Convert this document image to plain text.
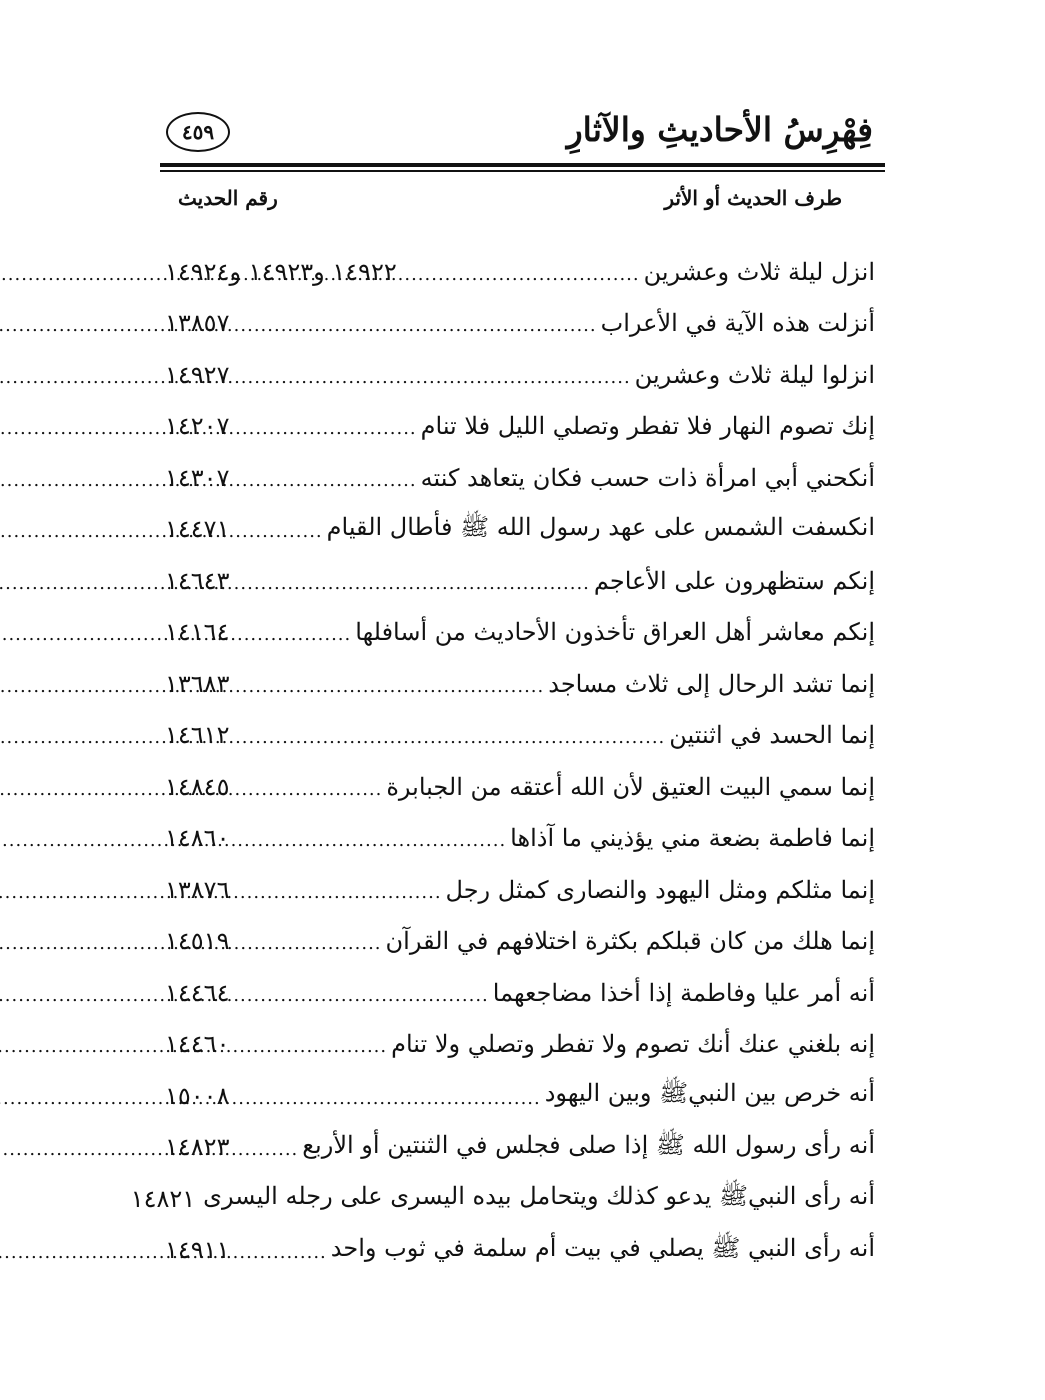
فِهْرِسُ الأحاديثِ والآثارِ
٤٥٩
طرف الحديث أو الأثر
رقم الحديث
انزل ليلة ثلاث وعشرين
.....
١٤٩٢٢ و١٤٩٢٣ و١٤٩٢٤
أنزلت هذه الآية في الأعراب
.....
١٣٨٥٧
انزلوا ليلة ثلاث وعشرين
.....
١٤٩٢٧
إنك تصوم النهار فلا تفطر وتصلي الليل فلا تنام
.....
١٤٢٠٧
أنكحني أبي امرأة ذات حسب فكان يتعاهد كنته
.....
١٤٣٠٧
انكسفت الشمس على عهد رسول الله ﷺ فأطال القيام
.....
١٤٤٧١
إنكم ستظهرون على الأعاجم
.....
١٤٦٤٣
إنكم معاشر أهل العراق تأخذون الأحاديث من أسافلها
.....
١٤١٦٤
إنما تشد الرحال إلى ثلاث مساجد
.....
١٣٦٨٣
إنما الحسد في اثنتين
.....
١٤٦١٢
إنما سمي البيت العتيق لأن الله أعتقه من الجبابرة
.....
١٤٨٤٥
إنما فاطمة بضعة مني يؤذيني ما آذاها
.....
١٤٨٦٠
إنما مثلكم ومثل اليهود والنصارى كمثل رجل
.....
١٣٨٧٦
إنما هلك من كان قبلكم بكثرة اختلافهم في القرآن
.....
١٤٥١٩
أنه أمر عليا وفاطمة إذا أخذا مضاجعهما
.....
١٤٤٦٤
إنه بلغني عنك أنك تصوم ولا تفطر وتصلي ولا تنام
.....
١٤٤٦٠
أنه خرص بين النبيﷺ وبين اليهود
.....
١٥٠٠٨
أنه رأى رسول الله ﷺ إذا صلى فجلس في الثنتين أو الأربع
.....
١٤٨٢٣
أنه رأى النبيﷺ يدعو كذلك ويتحامل بيده اليسرى على رجله اليسرى
١٤٨٢١
أنه رأى النبي ﷺ يصلي في بيت أم سلمة في ثوب واحد
.....
١٤٩١١
